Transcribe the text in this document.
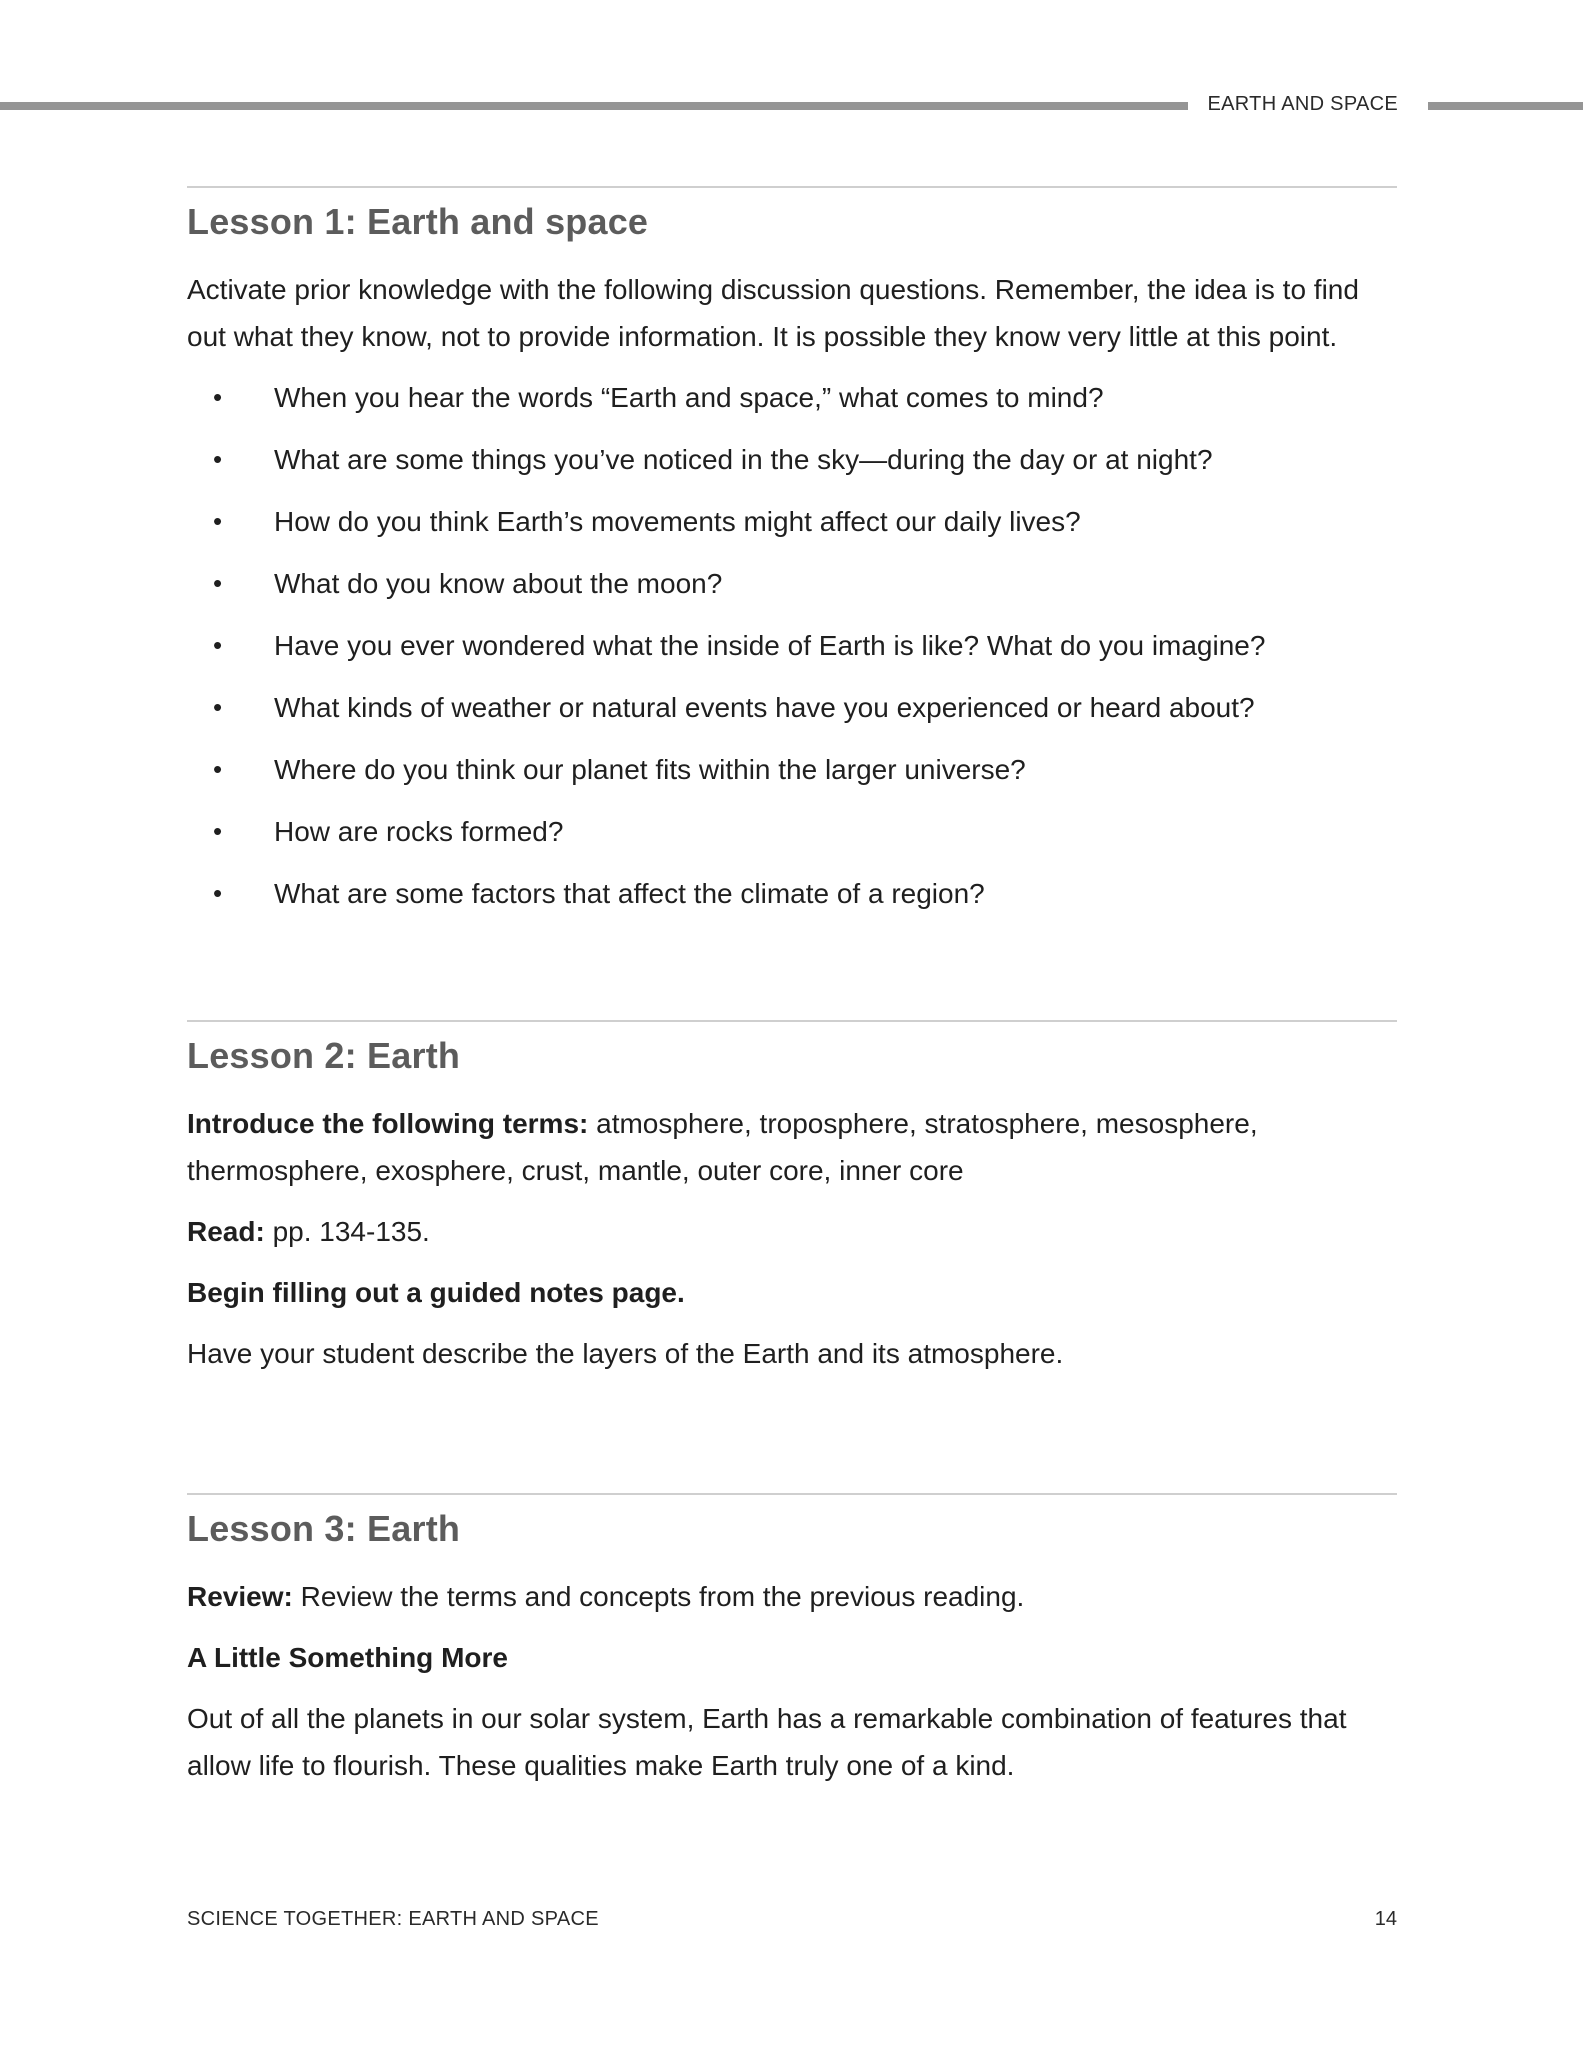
EARTH AND SPACE
Lesson 1: Earth and space

Activate prior knowledge with the following discussion questions. Remember, the idea is to find out what they know, not to provide information. It is possible they know very little at this point.

• When you hear the words “Earth and space,” what comes to mind?
• What are some things you’ve noticed in the sky—during the day or at night?
• How do you think Earth’s movements might affect our daily lives?
• What do you know about the moon?
• Have you ever wondered what the inside of Earth is like? What do you imagine?
• What kinds of weather or natural events have you experienced or heard about?
• Where do you think our planet fits within the larger universe?
• How are rocks formed?
• What are some factors that affect the climate of a region?
Lesson 2: Earth

Introduce the following terms: atmosphere, troposphere, stratosphere, mesosphere, thermosphere, exosphere, crust, mantle, outer core, inner core

Read: pp. 134-135.

Begin filling out a guided notes page.

Have your student describe the layers of the Earth and its atmosphere.

Lesson 3: Earth

Review: Review the terms and concepts from the previous reading.

A Little Something More

Out of all the planets in our solar system, Earth has a remarkable combination of features that allow life to flourish. These qualities make Earth truly one of a kind.

SCIENCE TOGETHER: EARTH AND SPACE	14
